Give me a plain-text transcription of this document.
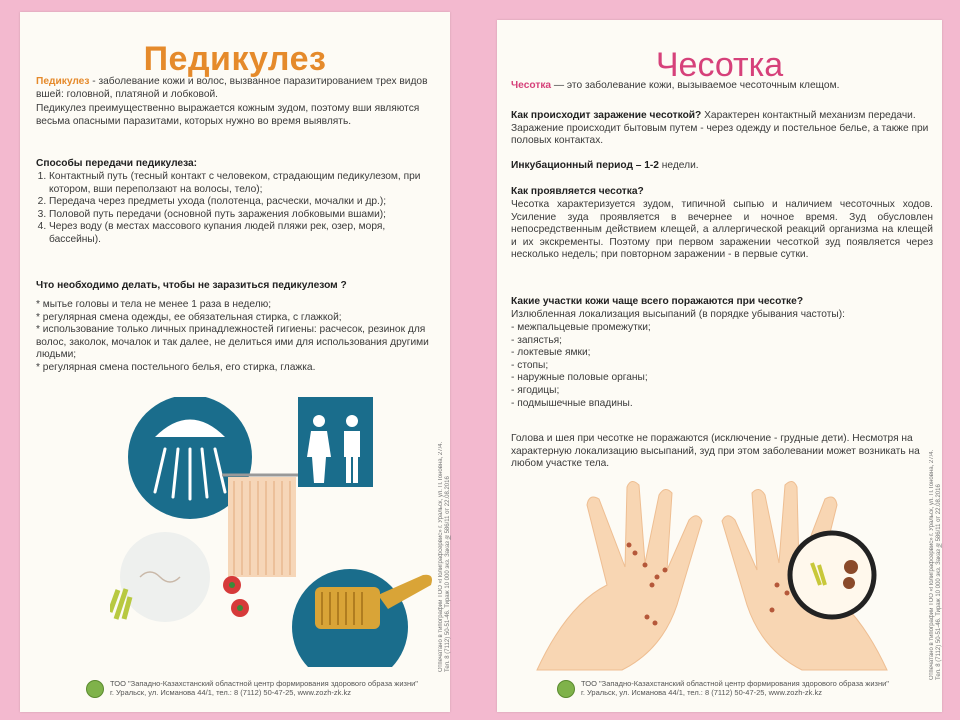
Педикулез
Педикулез - заболевание кожи и волос, вызванное паразитированием трех видов вшей: головной, платяной и лобковой.
Педикулез преимущественно выражается кожным зудом, поэтому вши являются весьма опасными паразитами, которых нужно во время выявлять.
Способы передачи педикулеза:
1. Контактный путь (тесный контакт с человеком, страдающим педикулезом, при котором, вши переползают на волосы, тело);
2. Передача через предметы ухода (полотенца, расчески, мочалки и др.);
3. Половой путь передачи (основной путь заражения лобковыми вшами);
4. Через воду (в местах массового купания людей пляжи рек, озер, моря, бассейны).
Что необходимо делать, чтобы не заразиться педикулезом ?
* мытье головы и тела не менее 1 раза в неделю;
* регулярная смена одежды, ее обязательная стирка, с глажкой;
* использование только личных принадлежностей гигиены: расчесок, резинок для волос, заколок, мочалок и так далее, не делиться ими для использования другими людьми;
* регулярная смена постельного белья, его стирка, глажка.
ТОО "Западно-Казахстанский областной центр формирования здорового образа жизни"
г. Уральск, ул. Исманова 44/1, тел.: 8 (7112) 50-47-25, www.zozh-zk.kz
Отпечатано в типографии ТОО «Полиграфсервис» г. Уральск, ул. П.Тоновна, 27/4. Тел. 8 (7112) 50-51-46. Тираж 10 000 экз. Заказ №586/11 от 22.08.2016
Чесотка
Чесотка — это заболевание кожи, вызываемое чесоточным клещом.
Как происходит заражение чесоткой? Характерен контактный механизм передачи. Заражение происходит бытовым путем - через одежду и постельное белье, а также при половых контактах.
Инкубационный период – 1-2 недели.
Как проявляется чесотка?
Чесотка характеризуется зудом, типичной сыпью и наличием чесоточных ходов. Усиление зуда проявляется в вечернее и ночное время. Зуд обусловлен непосредственным действием клещей, а аллергической реакций организма на клещей и их экскременты. Поэтому при первом заражении чесоткой зуд появляется через несколько недель; при повторном заражении - в первые сутки.
Какие участки кожи чаще всего поражаются при чесотке?
Излюбленная локализация высыпаний (в порядке убывания частоты):
- межпальцевые промежутки;
- запястья;
- локтевые ямки;
- стопы;
- наружные половые органы;
- ягодицы;
- подмышечные впадины.
Голова и шея при чесотке не поражаются (исключение - грудные дети). Несмотря на характерную локализацию высыпаний, зуд при этом заболевании может возникать на любом участке тела.
ТОО "Западно-Казахстанский областной центр формирования здорового образа жизни"
г. Уральск, ул. Исманова 44/1, тел.: 8 (7112) 50-47-25, www.zozh-zk.kz
Отпечатано в типографии ТОО «Полиграфсервис» г. Уральск, ул. П.Тоновна, 27/4. Тел. 8 (7112) 50-51-46. Тираж 10 000 экз. Заказ №586/11 от 22.08.2016
